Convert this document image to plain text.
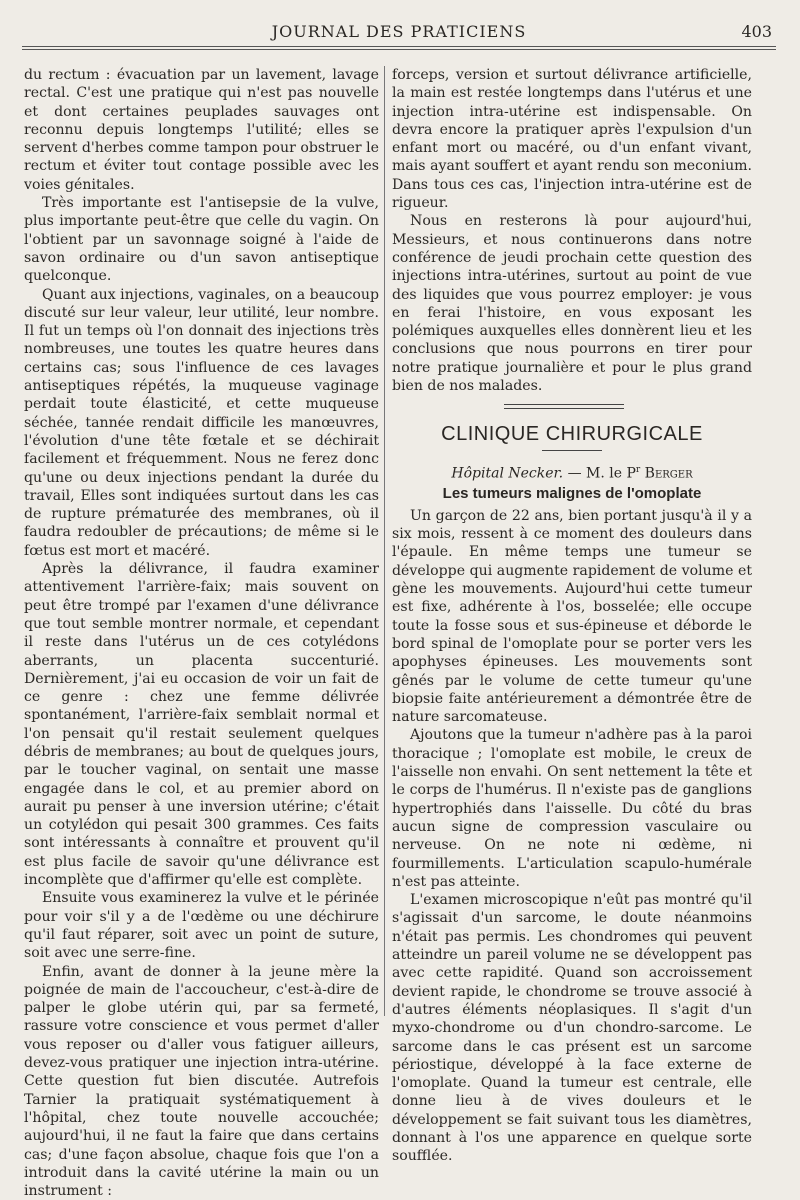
JOURNAL DES PRATICIENS	403

du rectum : évacuation par un lavement, lavage rectal. C'est une pratique qui n'est pas nouvelle et dont certaines peuplades sauvages ont reconnu depuis longtemps l'utilité; elles se servent d'herbes comme tampon pour obstruer le rectum et éviter tout contage possible avec les voies génitales.

Très importante est l'antisepsie de la vulve, plus importante peut-être que celle du vagin. On l'obtient par un savonnage soigné à l'aide de savon ordinaire ou d'un savon antiseptique quelconque.

Quant aux injections, vaginales, on a beaucoup discuté sur leur valeur, leur utilité, leur nombre. Il fut un temps où l'on donnait des injections très nombreuses, une toutes les quatre heures dans certains cas; sous l'influence de ces lavages antiseptiques répétés, la muqueuse vaginage perdait toute élasticité, et cette muqueuse séchée, tannée rendait difficile les manœuvres, l'évolution d'une tête fœtale et se déchirait facilement et fréquemment. Nous ne ferez donc qu'une ou deux injections pendant la durée du travail, Elles sont indiquées surtout dans les cas de rupture prématurée des membranes, où il faudra redoubler de précautions; de même si le fœtus est mort et macéré.

Après la délivrance, il faudra examiner attentivement l'arrière-faix; mais souvent on peut être trompé par l'examen d'une délivrance que tout semble montrer normale, et cependant il reste dans l'utérus un de ces cotylédons aberrants, un placenta succenturié. Dernièrement, j'ai eu occasion de voir un fait de ce genre : chez une femme délivrée spontanément, l'arrière-faix semblait normal et l'on pensait qu'il restait seulement quelques débris de membranes; au bout de quelques jours, par le toucher vaginal, on sentait une masse engagée dans le col, et au premier abord on aurait pu penser à une inversion utérine; c'était un cotylédon qui pesait 300 grammes. Ces faits sont intéressants à connaître et prouvent qu'il est plus facile de savoir qu'une délivrance est incomplète que d'affirmer qu'elle est complète.

Ensuite vous examinerez la vulve et le périnée pour voir s'il y a de l'œdème ou une déchirure qu'il faut réparer, soit avec un point de suture, soit avec une serre-fine.

Enfin, avant de donner à la jeune mère la poignée de main de l'accoucheur, c'est-à-dire de palper le globe utérin qui, par sa fermeté, rassure votre conscience et vous permet d'aller vous reposer ou d'aller vous fatiguer ailleurs, devez-vous pratiquer une injection intra-utérine. Cette question fut bien discutée. Autrefois Tarnier la pratiquait systématiquement à l'hôpital, chez toute nouvelle accouchée; aujourd'hui, il ne faut la faire que dans certains cas; d'une façon absolue, chaque fois que l'on a introduit dans la cavité utérine la main ou un instrument :

forceps, version et surtout délivrance artificielle, la main est restée longtemps dans l'utérus et une injection intra-utérine est indispensable. On devra encore la pratiquer après l'expulsion d'un enfant mort ou macéré, ou d'un enfant vivant, mais ayant souffert et ayant rendu son meconium. Dans tous ces cas, l'injection intra-utérine est de rigueur.

Nous en resterons là pour aujourd'hui, Messieurs, et nous continuerons dans notre conférence de jeudi prochain cette question des injections intra-utérines, surtout au point de vue des liquides que vous pourrez employer: je vous en ferai l'histoire, en vous exposant les polémiques auxquelles elles donnèrent lieu et les conclusions que nous pourrons en tirer pour notre pratique journalière et pour le plus grand bien de nos malades.

CLINIQUE CHIRURGICALE
Hôpital Necker. — M. le $P^r$ Berger
Les tumeurs malignes de l'omoplate

Un garçon de 22 ans, bien portant jusqu'à il y a six mois, ressent à ce moment des douleurs dans l'épaule. En même temps une tumeur se développe qui augmente rapidement de volume et gène les mouvements. Aujourd'hui cette tumeur est fixe, adhérente à l'os, bosselée; elle occupe toute la fosse sous et sus-épineuse et déborde le bord spinal de l'omoplate pour se porter vers les apophyses épineuses. Les mouvements sont gênés par le volume de cette tumeur qu'une biopsie faite antérieurement a démontrée être de nature sarcomateuse.

Ajoutons que la tumeur n'adhère pas à la paroi thoracique ; l'omoplate est mobile, le creux de l'aisselle non envahi. On sent nettement la tête et le corps de l'humérus. Il n'existe pas de ganglions hypertrophiés dans l'aisselle. Du côté du bras aucun signe de compression vasculaire ou nerveuse. On ne note ni œdème, ni fourmillements. L'articulation scapulo-humérale n'est pas atteinte.

L'examen microscopique n'eût pas montré qu'il s'agissait d'un sarcome, le doute néanmoins n'était pas permis. Les chondromes qui peuvent atteindre un pareil volume ne se développent pas avec cette rapidité. Quand son accroissement devient rapide, le chondrome se trouve associé à d'autres éléments néoplasiques. Il s'agit d'un myxo-chondrome ou d'un chondro-sarcome. Le sarcome dans le cas présent est un sarcome périostique, développé à la face externe de l'omoplate. Quand la tumeur est centrale, elle donne lieu à de vives douleurs et le développement se fait suivant tous les diamètres, donnant à l'os une apparence en quelque sorte soufflée.
